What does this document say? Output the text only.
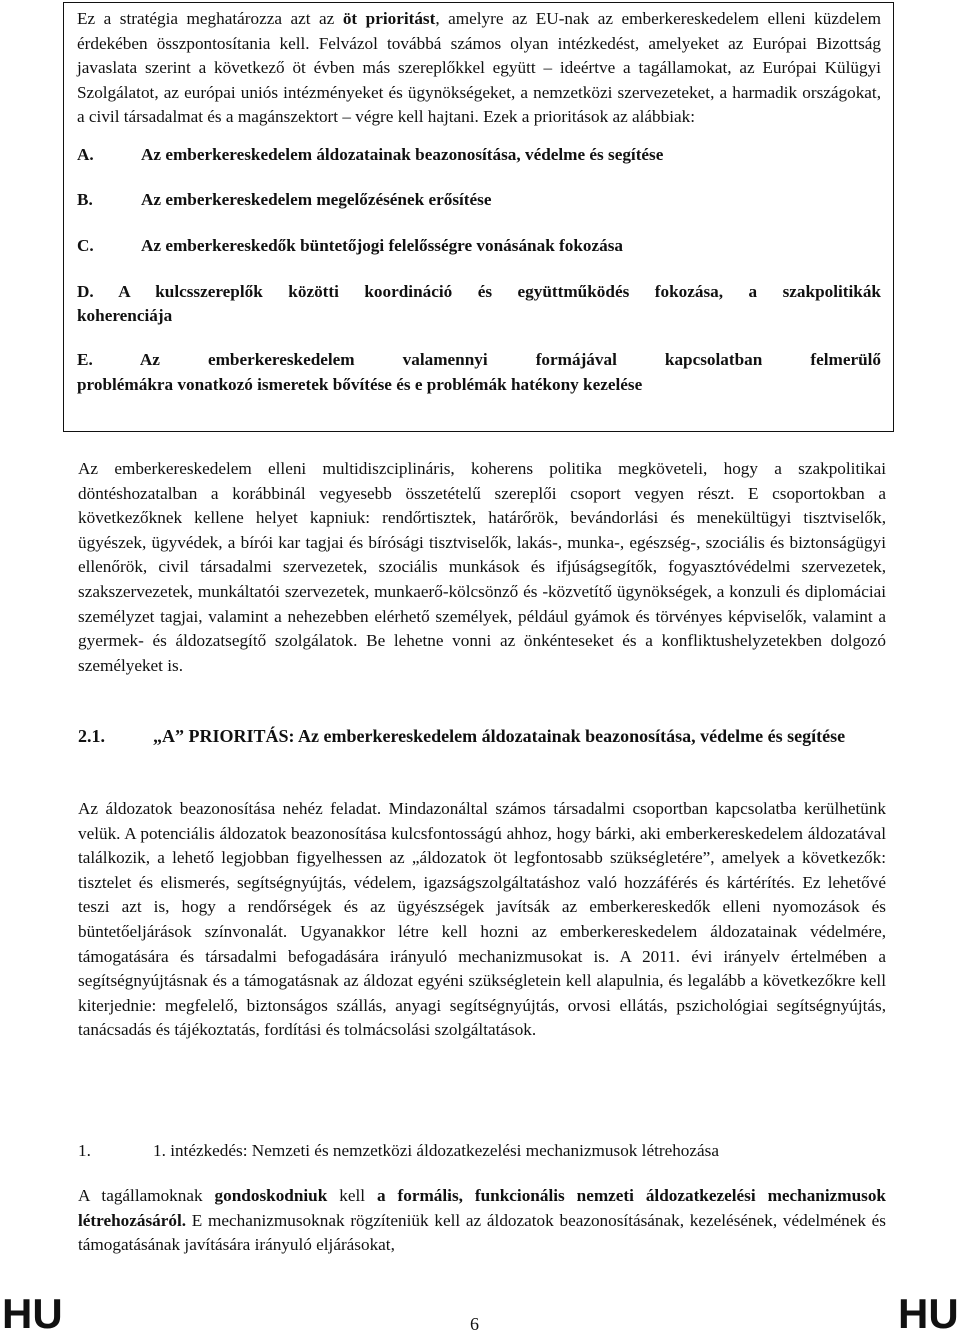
Ez a stratégia meghatározza azt az öt prioritást, amelyre az EU-nak az emberkereskedelem elleni küzdelem érdekében összpontosítania kell. Felvázol továbbá számos olyan intézkedést, amelyeket az Európai Bizottság javaslata szerint a következő öt évben más szereplőkkel együtt – ideértve a tagállamokat, az Európai Külügyi Szolgálatot, az európai uniós intézményeket és ügynökségeket, a nemzetközi szervezeteket, a harmadik országokat, a civil társadalmat és a magánszektort – végre kell hajtani. Ezek a prioritások az alábbiak:

A.	Az emberkereskedelem áldozatainak beazonosítása, védelme és segítése
B.	Az emberkereskedelem megelőzésének erősítése
C.	Az emberkereskedők büntetőjogi felelősségre vonásának fokozása
D. A kulcsszereplők közötti koordináció és együttműködés fokozása, a szakpolitikák
koherenciája
E. Az emberkereskedelem valamennyi formájával kapcsolatban felmerülő
problémákra vonatkozó ismeretek bővítése és e problémák hatékony kezelése

Az emberkereskedelem elleni multidiszciplináris, koherens politika megköveteli, hogy a szakpolitikai döntéshozatalban a korábbinál vegyesebb összetételű szereplői csoport vegyen részt. E csoportokban a következőknek kellene helyet kapniuk: rendőrtisztek, határőrök, bevándorlási és menekültügyi tisztviselők, ügyészek, ügyvédek, a bírói kar tagjai és bírósági tisztviselők, lakás-, munka-, egészség-, szociális és biztonságügyi ellenőrök, civil társadalmi szervezetek, szociális munkások és ifjúságsegítők, fogyasztóvédelmi szervezetek, szakszervezetek, munkáltatói szervezetek, munkaerő-kölcsönző és -közvetítő ügynökségek, a konzuli és diplomáciai személyzet tagjai, valamint a nehezebben elérhető személyek, például gyámok és törvényes képviselők, valamint a gyermek- és áldozatsegítő szolgálatok. Be lehetne vonni az önkénteseket és a konfliktushelyzetekben dolgozó személyeket is.

2.1.	„A” PRIORITÁS: Az emberkereskedelem áldozatainak beazonosítása, védelme és segítése

Az áldozatok beazonosítása nehéz feladat. Mindazonáltal számos társadalmi csoportban kapcsolatba kerülhetünk velük. A potenciális áldozatok beazonosítása kulcsfontosságú ahhoz, hogy bárki, aki emberkereskedelem áldozatával találkozik, a lehető legjobban figyelhessen az „áldozatok öt legfontosabb szükségletére”, amelyek a következők: tisztelet és elismerés, segítségnyújtás, védelem, igazságszolgáltatáshoz való hozzáférés és kártérítés. Ez lehetővé teszi azt is, hogy a rendőrségek és az ügyészségek javítsák az emberkereskedők elleni nyomozások és büntetőeljárások színvonalát. Ugyanakkor létre kell hozni az emberkereskedelem áldozatainak védelmére, támogatására és társadalmi befogadására irányuló mechanizmusokat is. A 2011. évi irányelv értelmében a segítségnyújtásnak és a támogatásnak az áldozat egyéni szükségletein kell alapulnia, és legalább a következőkre kell kiterjednie: megfelelő, biztonságos szállás, anyagi segítségnyújtás, orvosi ellátás, pszichológiai segítségnyújtás, tanácsadás és tájékoztatás, fordítási és tolmácsolási szolgáltatások.

1.	1. intézkedés: Nemzeti és nemzetközi áldozatkezelési mechanizmusok létrehozása

A tagállamoknak gondoskodniuk kell a formális, funkcionális nemzeti áldozatkezelési mechanizmusok létrehozásáról. E mechanizmusoknak rögzíteniük kell az áldozatok beazonosításának, kezelésének, védelmének és támogatásának javítására irányuló eljárásokat,

HU	6	HU
